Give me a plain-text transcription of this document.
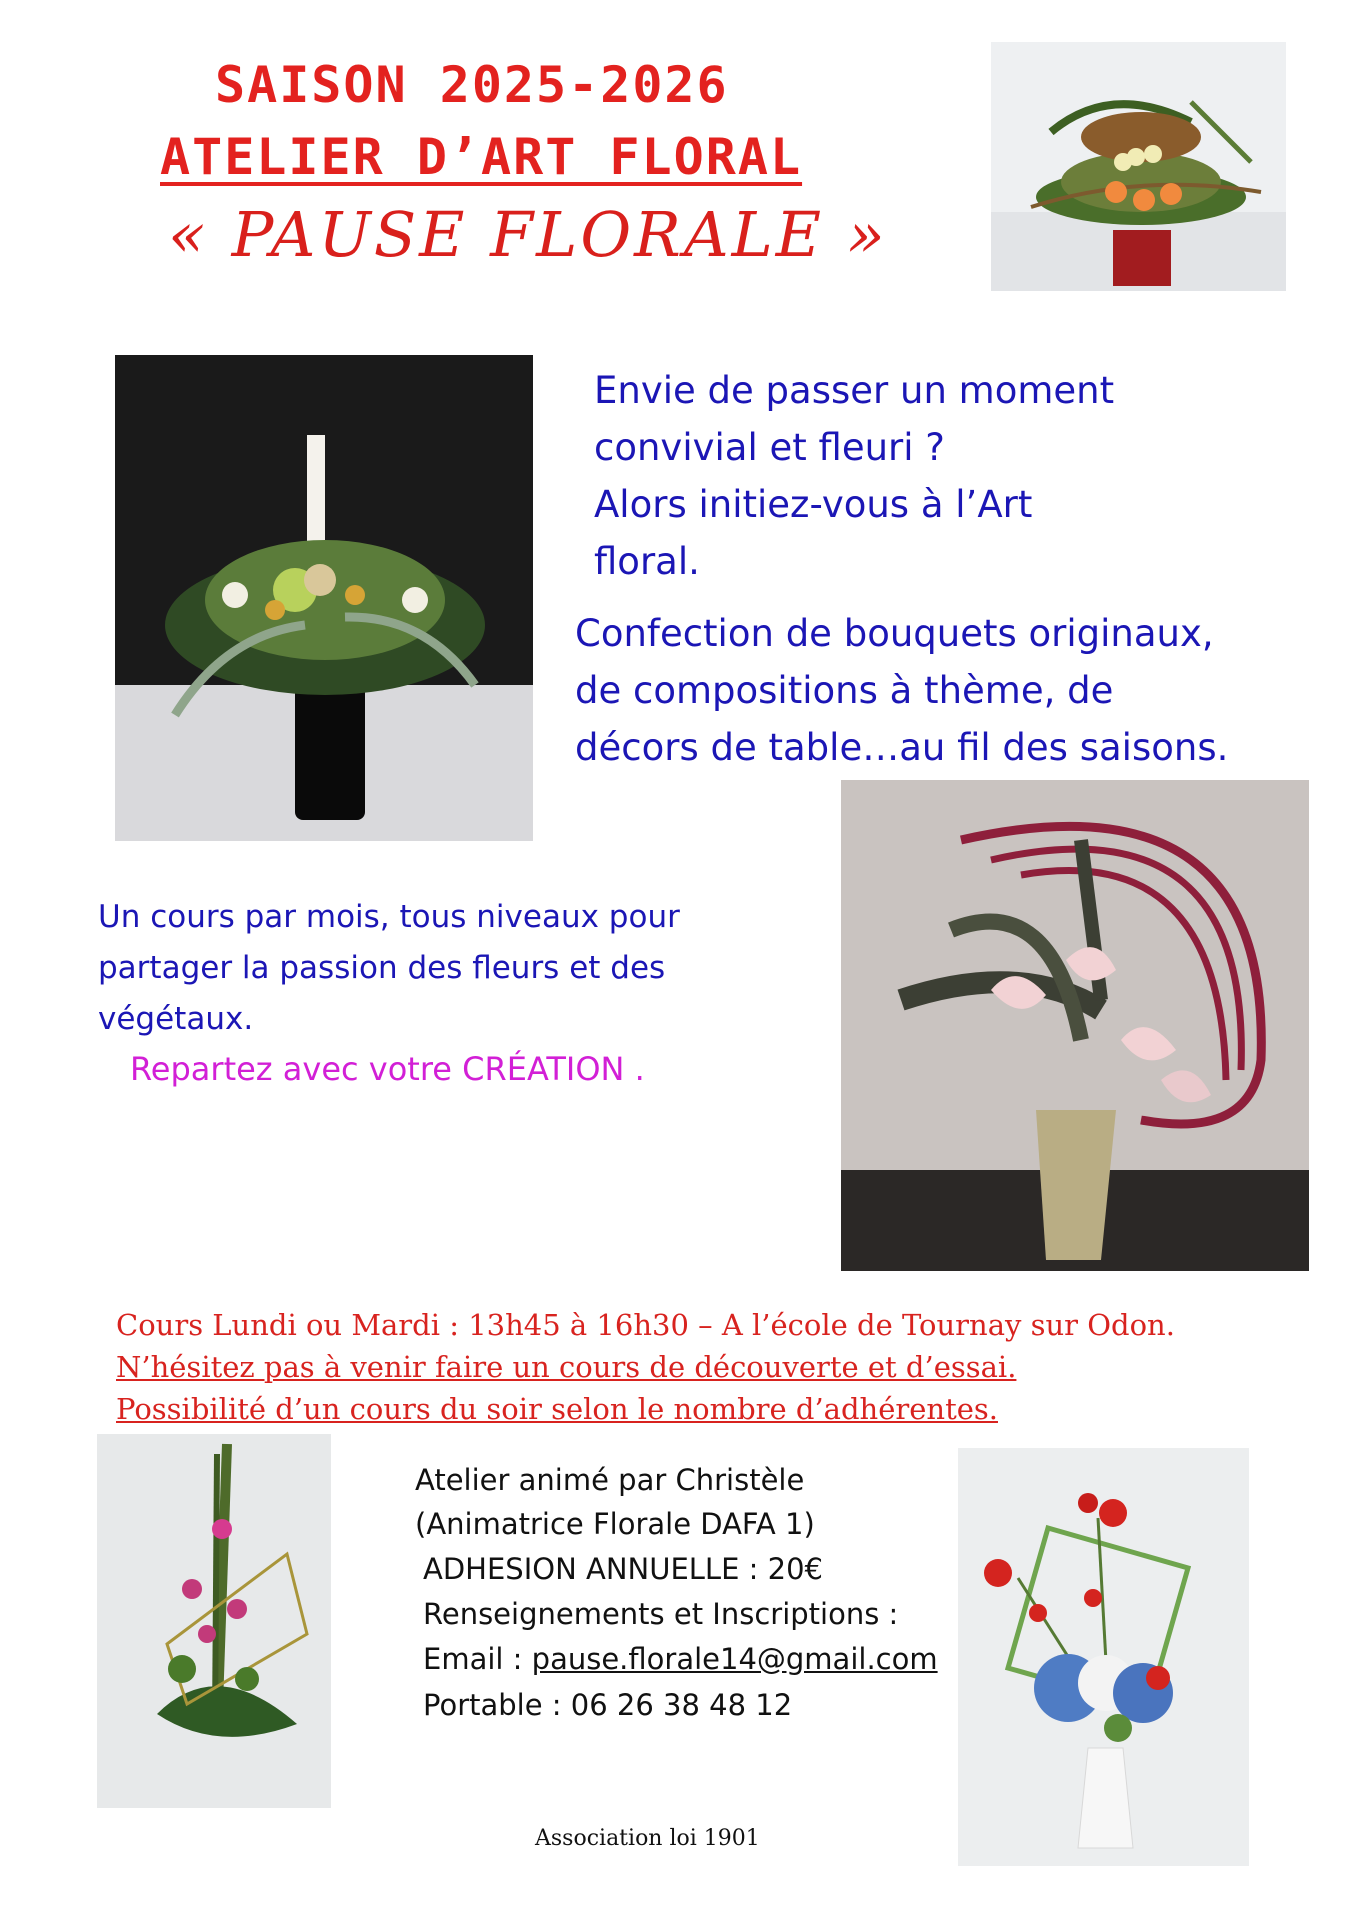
SAISON 2025-2026
ATELIER D’ART FLORAL
« PAUSE FLORALE »

Envie de passer un moment
convivial et fleuri ?
Alors initiez-vous à l’Art
floral.

Confection de bouquets originaux,
de compositions à thème, de
décors de table…au fil des saisons.

Un cours par mois, tous niveaux pour
partager la passion des fleurs et des
végétaux.

Repartez avec votre CRÉATION .
Cours Lundi ou Mardi : 13h45 à 16h30 – A l’école de Tournay sur Odon.
N’hésitez pas à venir faire un cours de découverte et d’essai.
Possibilité d’un cours du soir selon le nombre d’adhérentes.
Atelier animé par Christèle
(Animatrice Florale DAFA 1)
ADHESION ANNUELLE : 20€
Renseignements et Inscriptions :
Email : pause.florale14@gmail.com
Portable : 06 26 38 48 12
Association loi 1901
